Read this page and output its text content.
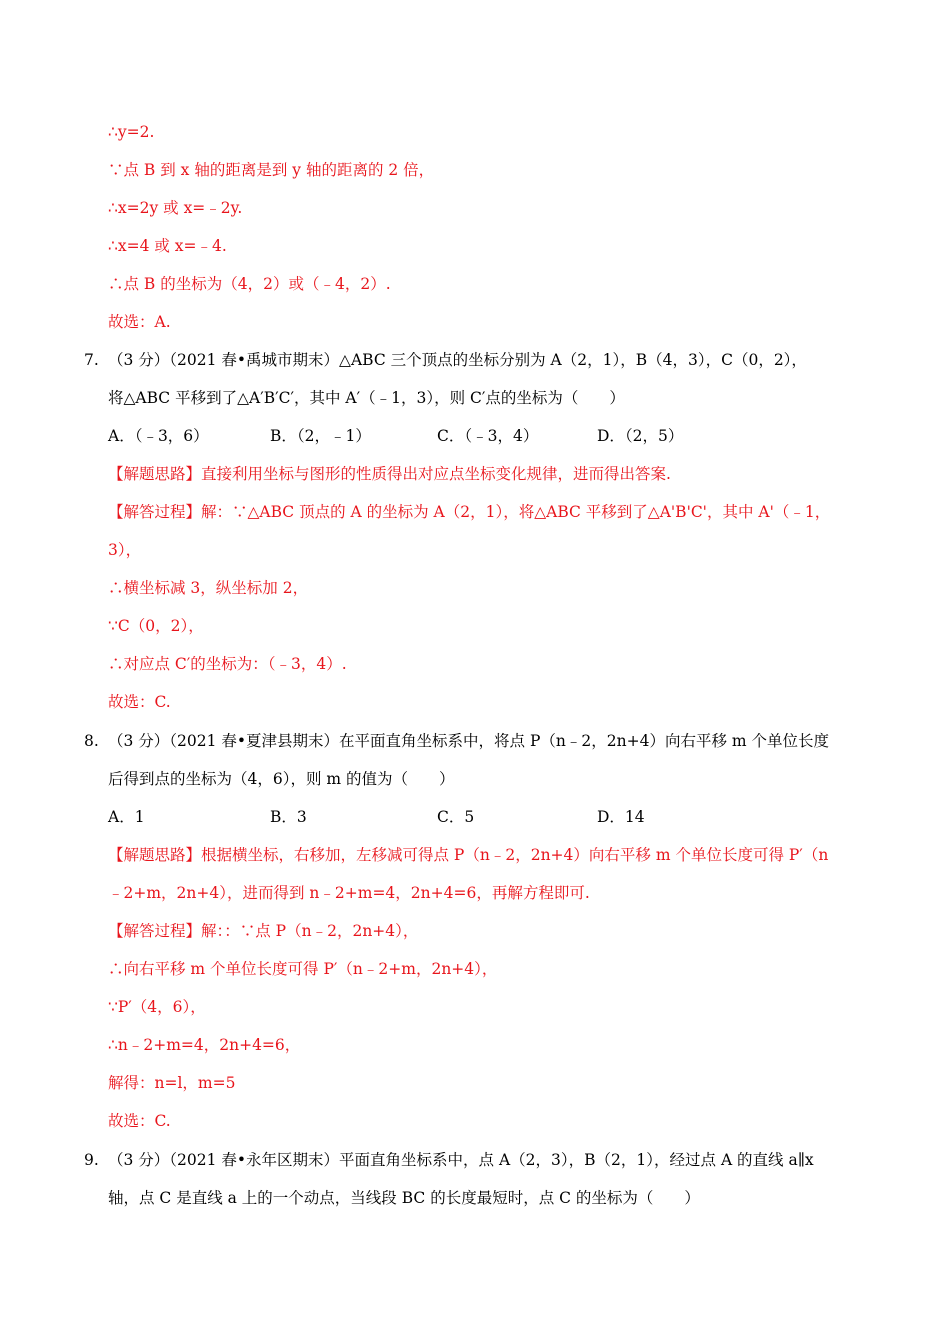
∴y=2.
∵点 B 到 x 轴的距离是到 y 轴的距离的 2 倍，
∴x=2y 或 x=﹣2y.
∴x=4 或 x=﹣4.
∴点 B 的坐标为（4，2）或（﹣4，2）.
故选：A.
7. （3 分）（2021 春•禹城市期末）△ABC 三个顶点的坐标分别为 A（2，1），B（4，3），C（0，2），
将△ABC 平移到了△A′B′C′，其中 A′（﹣1，3），则 C′点的坐标为（　　）
A．（﹣3，6）	B．（2，﹣1）	C．（﹣3，4）	D．（2，5）
【解题思路】直接利用坐标与图形的性质得出对应点坐标变化规律，进而得出答案.
【解答过程】解：∵△ABC 顶点的 A 的坐标为 A（2，1），将△ABC 平移到了△A'B'C'，其中 A'（﹣1，
3），
∴横坐标减 3，纵坐标加 2，
∵C（0，2），
∴对应点 C′的坐标为：（﹣3，4）.
故选：C.
8. （3 分）（2021 春•夏津县期末）在平面直角坐标系中，将点 P（n﹣2，2n+4）向右平移 m 个单位长度
后得到点的坐标为（4，6），则 m 的值为（　　）
A．1	B．3	C．5	D．14
【解题思路】根据横坐标，右移加，左移减可得点 P（n﹣2，2n+4）向右平移 m 个单位长度可得 P′（n
﹣2+m，2n+4），进而得到 n﹣2+m=4，2n+4=6，再解方程即可.
【解答过程】解：：∵点 P（n﹣2，2n+4），
∴向右平移 m 个单位长度可得 P′（n﹣2+m，2n+4），
∵P′（4，6），
∴n﹣2+m=4，2n+4=6，
解得：n=l，m=5
故选：C.
9. （3 分）（2021 春•永年区期末）平面直角坐标系中，点 A（2，3），B（2，1），经过点 A 的直线 a∥x
轴，点 C 是直线 a 上的一个动点，当线段 BC 的长度最短时，点 C 的坐标为（　　）
